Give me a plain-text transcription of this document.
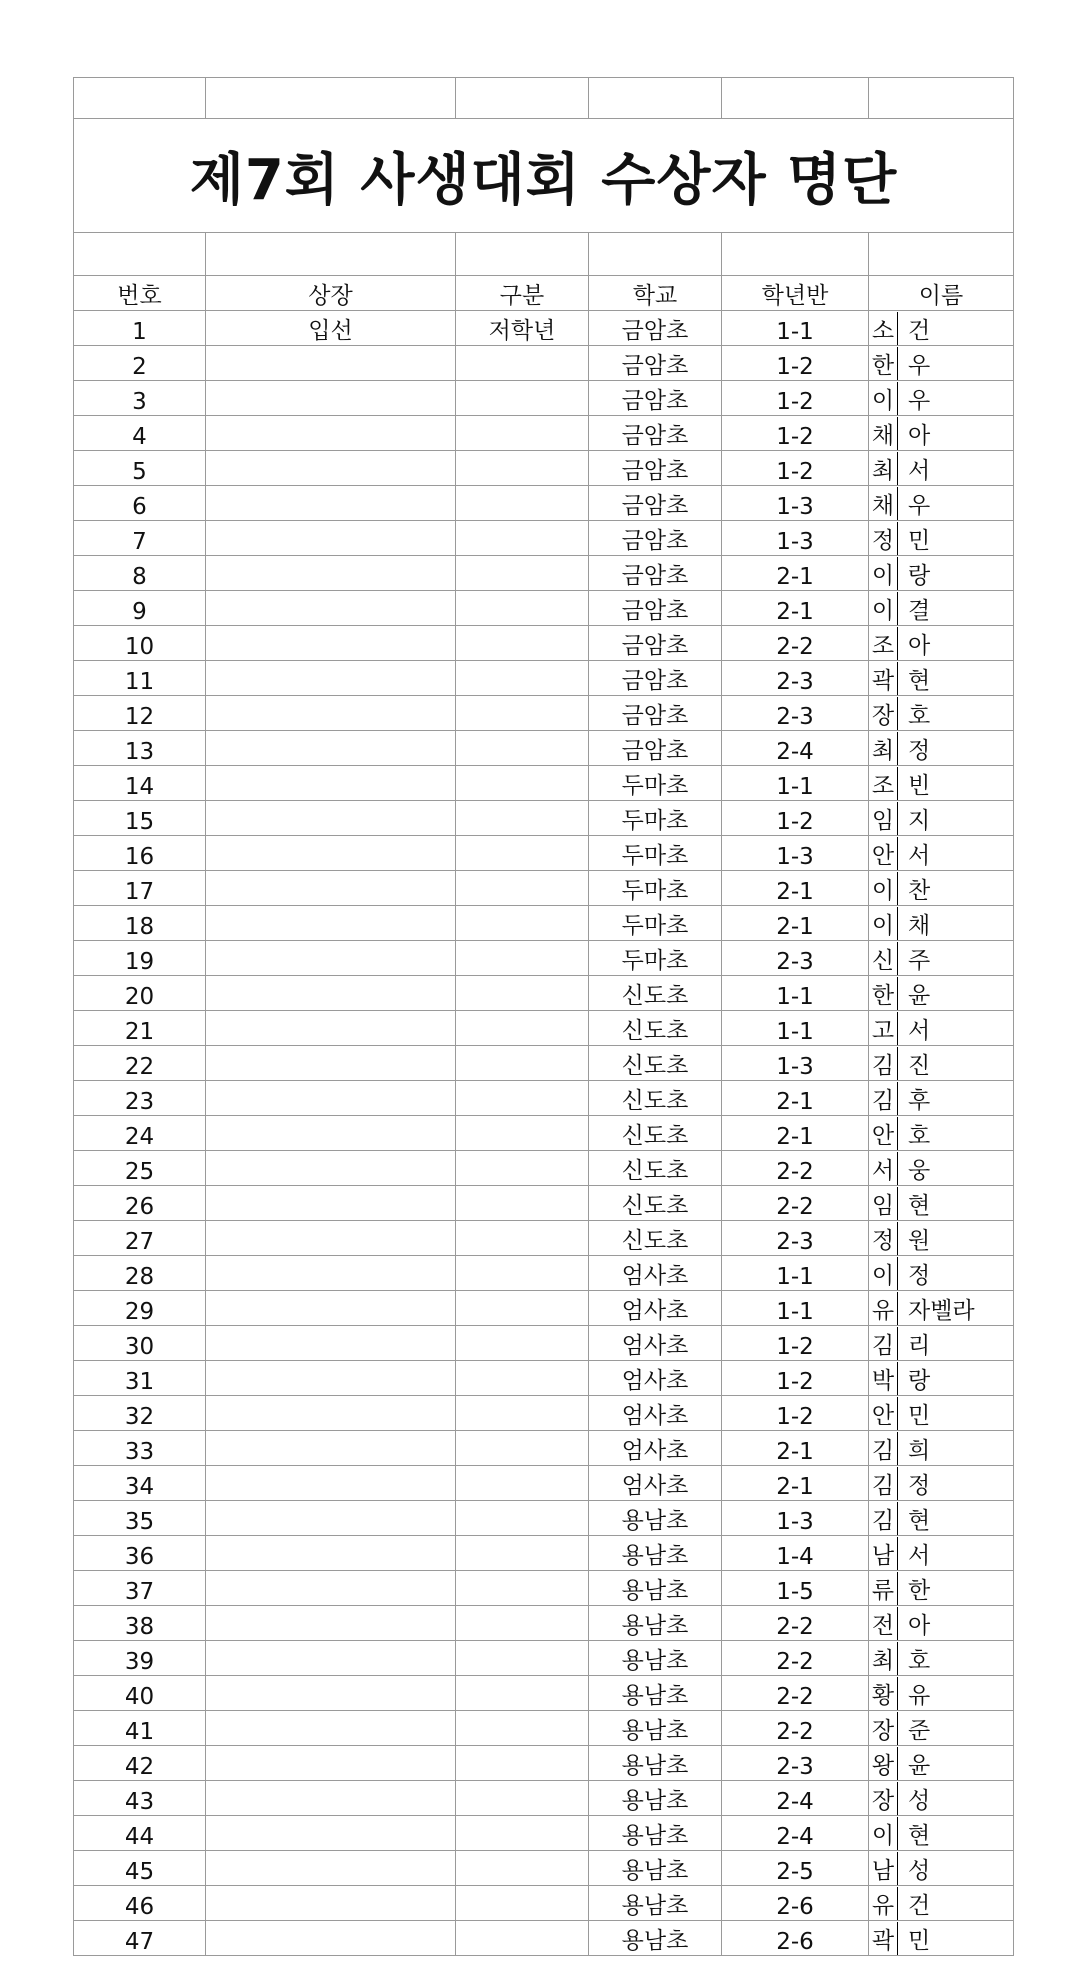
제7회 사생대회 수상자 명단					

번호	상장	구분	학교	학년반	이름
1	입선	저학년	금암초	1-1	소 건
2			금암초	1-2	한 우
3			금암초	1-2	이 우
4			금암초	1-2	채 아
5			금암초	1-2	최 서
6			금암초	1-3	채 우
7			금암초	1-3	정 민
8			금암초	2-1	이 랑
9			금암초	2-1	이 결
10			금암초	2-2	조 아
11			금암초	2-3	곽 현
12			금암초	2-3	장 호
13			금암초	2-4	최 정
14			두마초	1-1	조 빈
15			두마초	1-2	임 지
16			두마초	1-3	안 서
17			두마초	2-1	이 찬
18			두마초	2-1	이 채
19			두마초	2-3	신 주
20			신도초	1-1	한 윤
21			신도초	1-1	고 서
22			신도초	1-3	김 진
23			신도초	2-1	김 후
24			신도초	2-1	안 호
25			신도초	2-2	서 웅
26			신도초	2-2	임 현
27			신도초	2-3	정 원
28			엄사초	1-1	이 정
29			엄사초	1-1	유 자벨라
30			엄사초	1-2	김 리
31			엄사초	1-2	박 랑
32			엄사초	1-2	안 민
33			엄사초	2-1	김 희
34			엄사초	2-1	김 정
35			용남초	1-3	김 현
36			용남초	1-4	남 서
37			용남초	1-5	류 한
38			용남초	2-2	전 아
39			용남초	2-2	최 호
40			용남초	2-2	황 유
41			용남초	2-2	장 준
42			용남초	2-3	왕 윤
43			용남초	2-4	장 성
44			용남초	2-4	이 현
45			용남초	2-5	남 성
46			용남초	2-6	유 건
47			용남초	2-6	곽 민
